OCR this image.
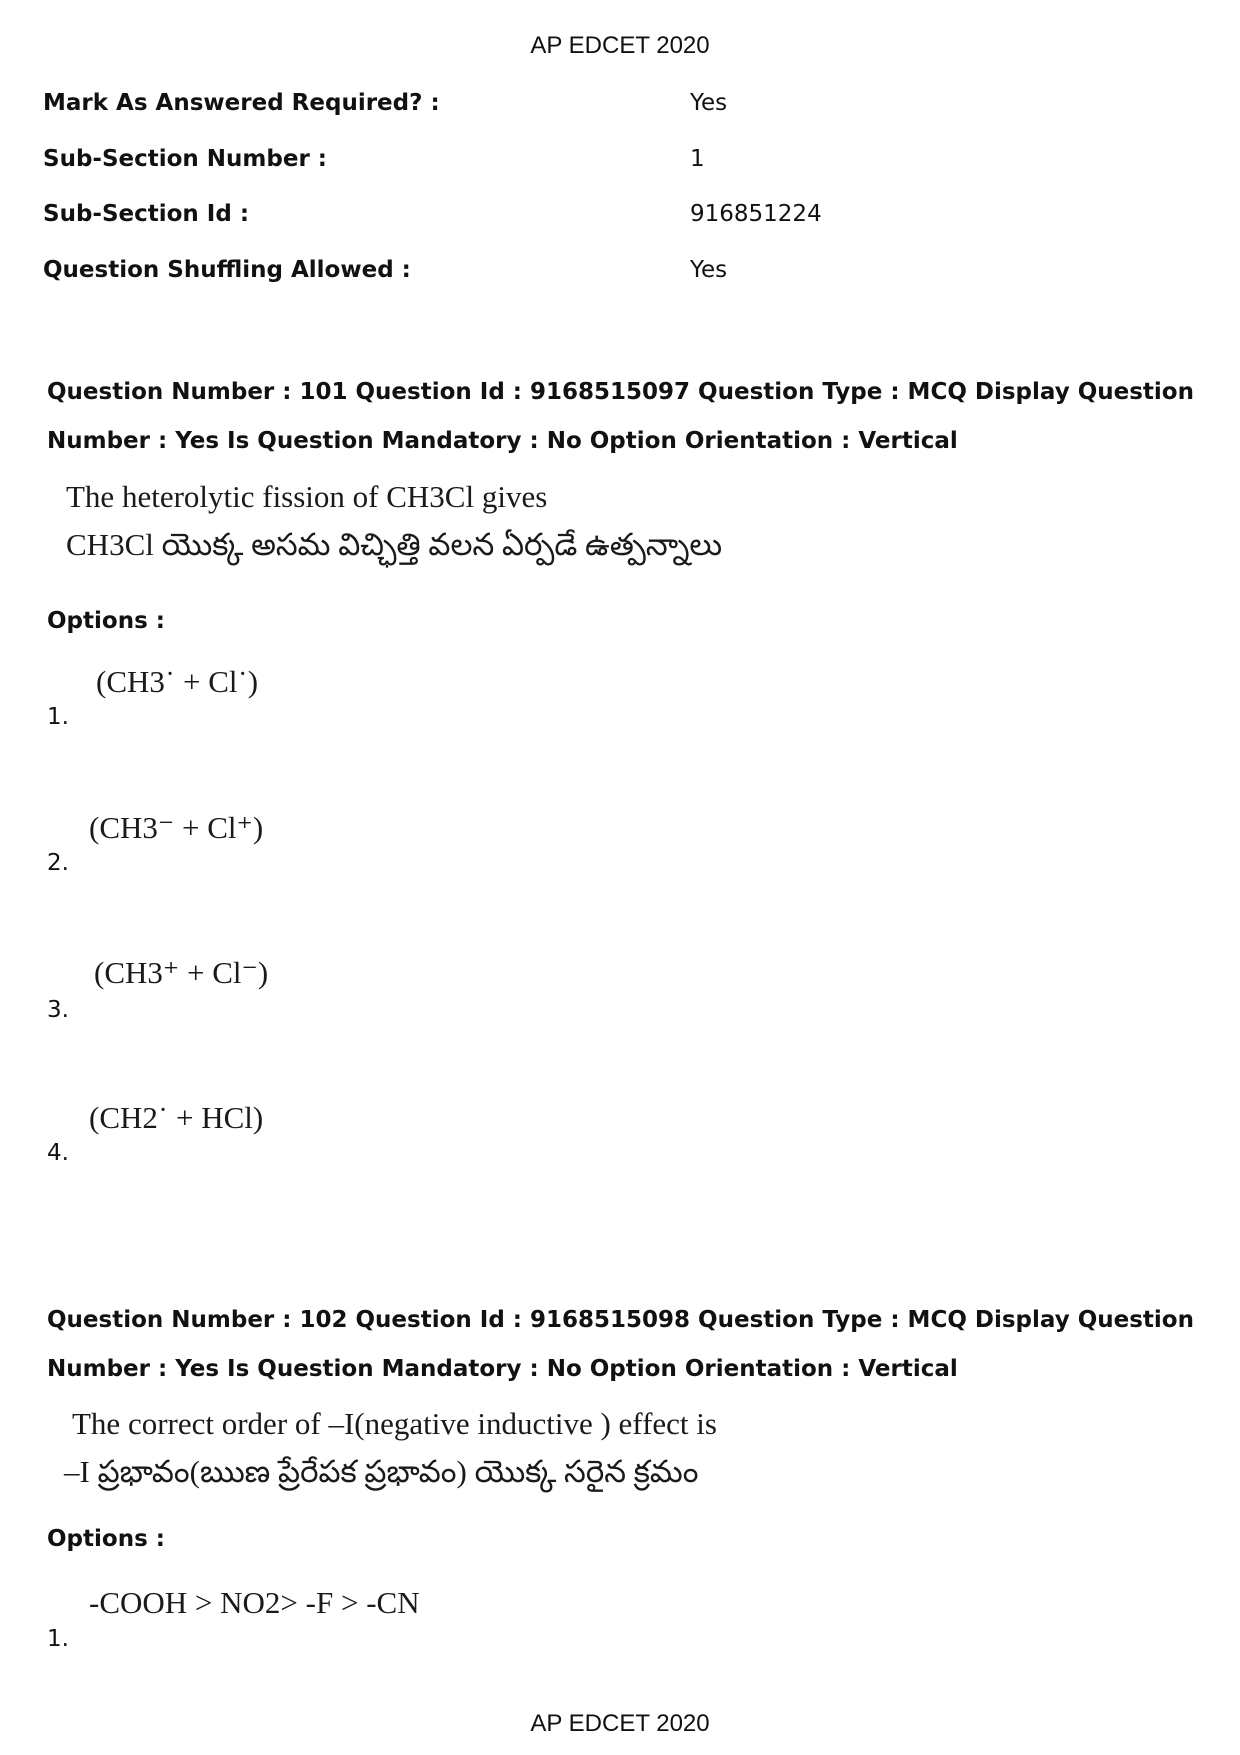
AP EDCET 2020
Mark As Answered Required? :	Yes
Sub-Section Number :	1
Sub-Section Id :	916851224
Question Shuffling Allowed :	Yes
Question Number : 101 Question Id : 9168515097 Question Type : MCQ Display Question
Number : Yes Is Question Mandatory : No Option Orientation : Vertical
The heterolytic fission of CH3Cl gives
CH3Cl యొక్క అసమ విచ్ఛిత్తి వలన ఏర్పడే ఉత్పన్నాలు
Options :
1.
(CH3˙ + Cl˙)
2.
(CH3⁻ + Cl⁺)
3.
(CH3⁺ + Cl⁻)
4.
(CH2˙ + HCl)
Question Number : 102 Question Id : 9168515098 Question Type : MCQ Display Question
Number : Yes Is Question Mandatory : No Option Orientation : Vertical
The correct order of –I(negative inductive ) effect is
–I ప్రభావం(ఋణ ప్రేరేపక ప్రభావం) యొక్క సరైన క్రమం
Options :
1.
-COOH > NO2> -F > -CN
AP EDCET 2020
